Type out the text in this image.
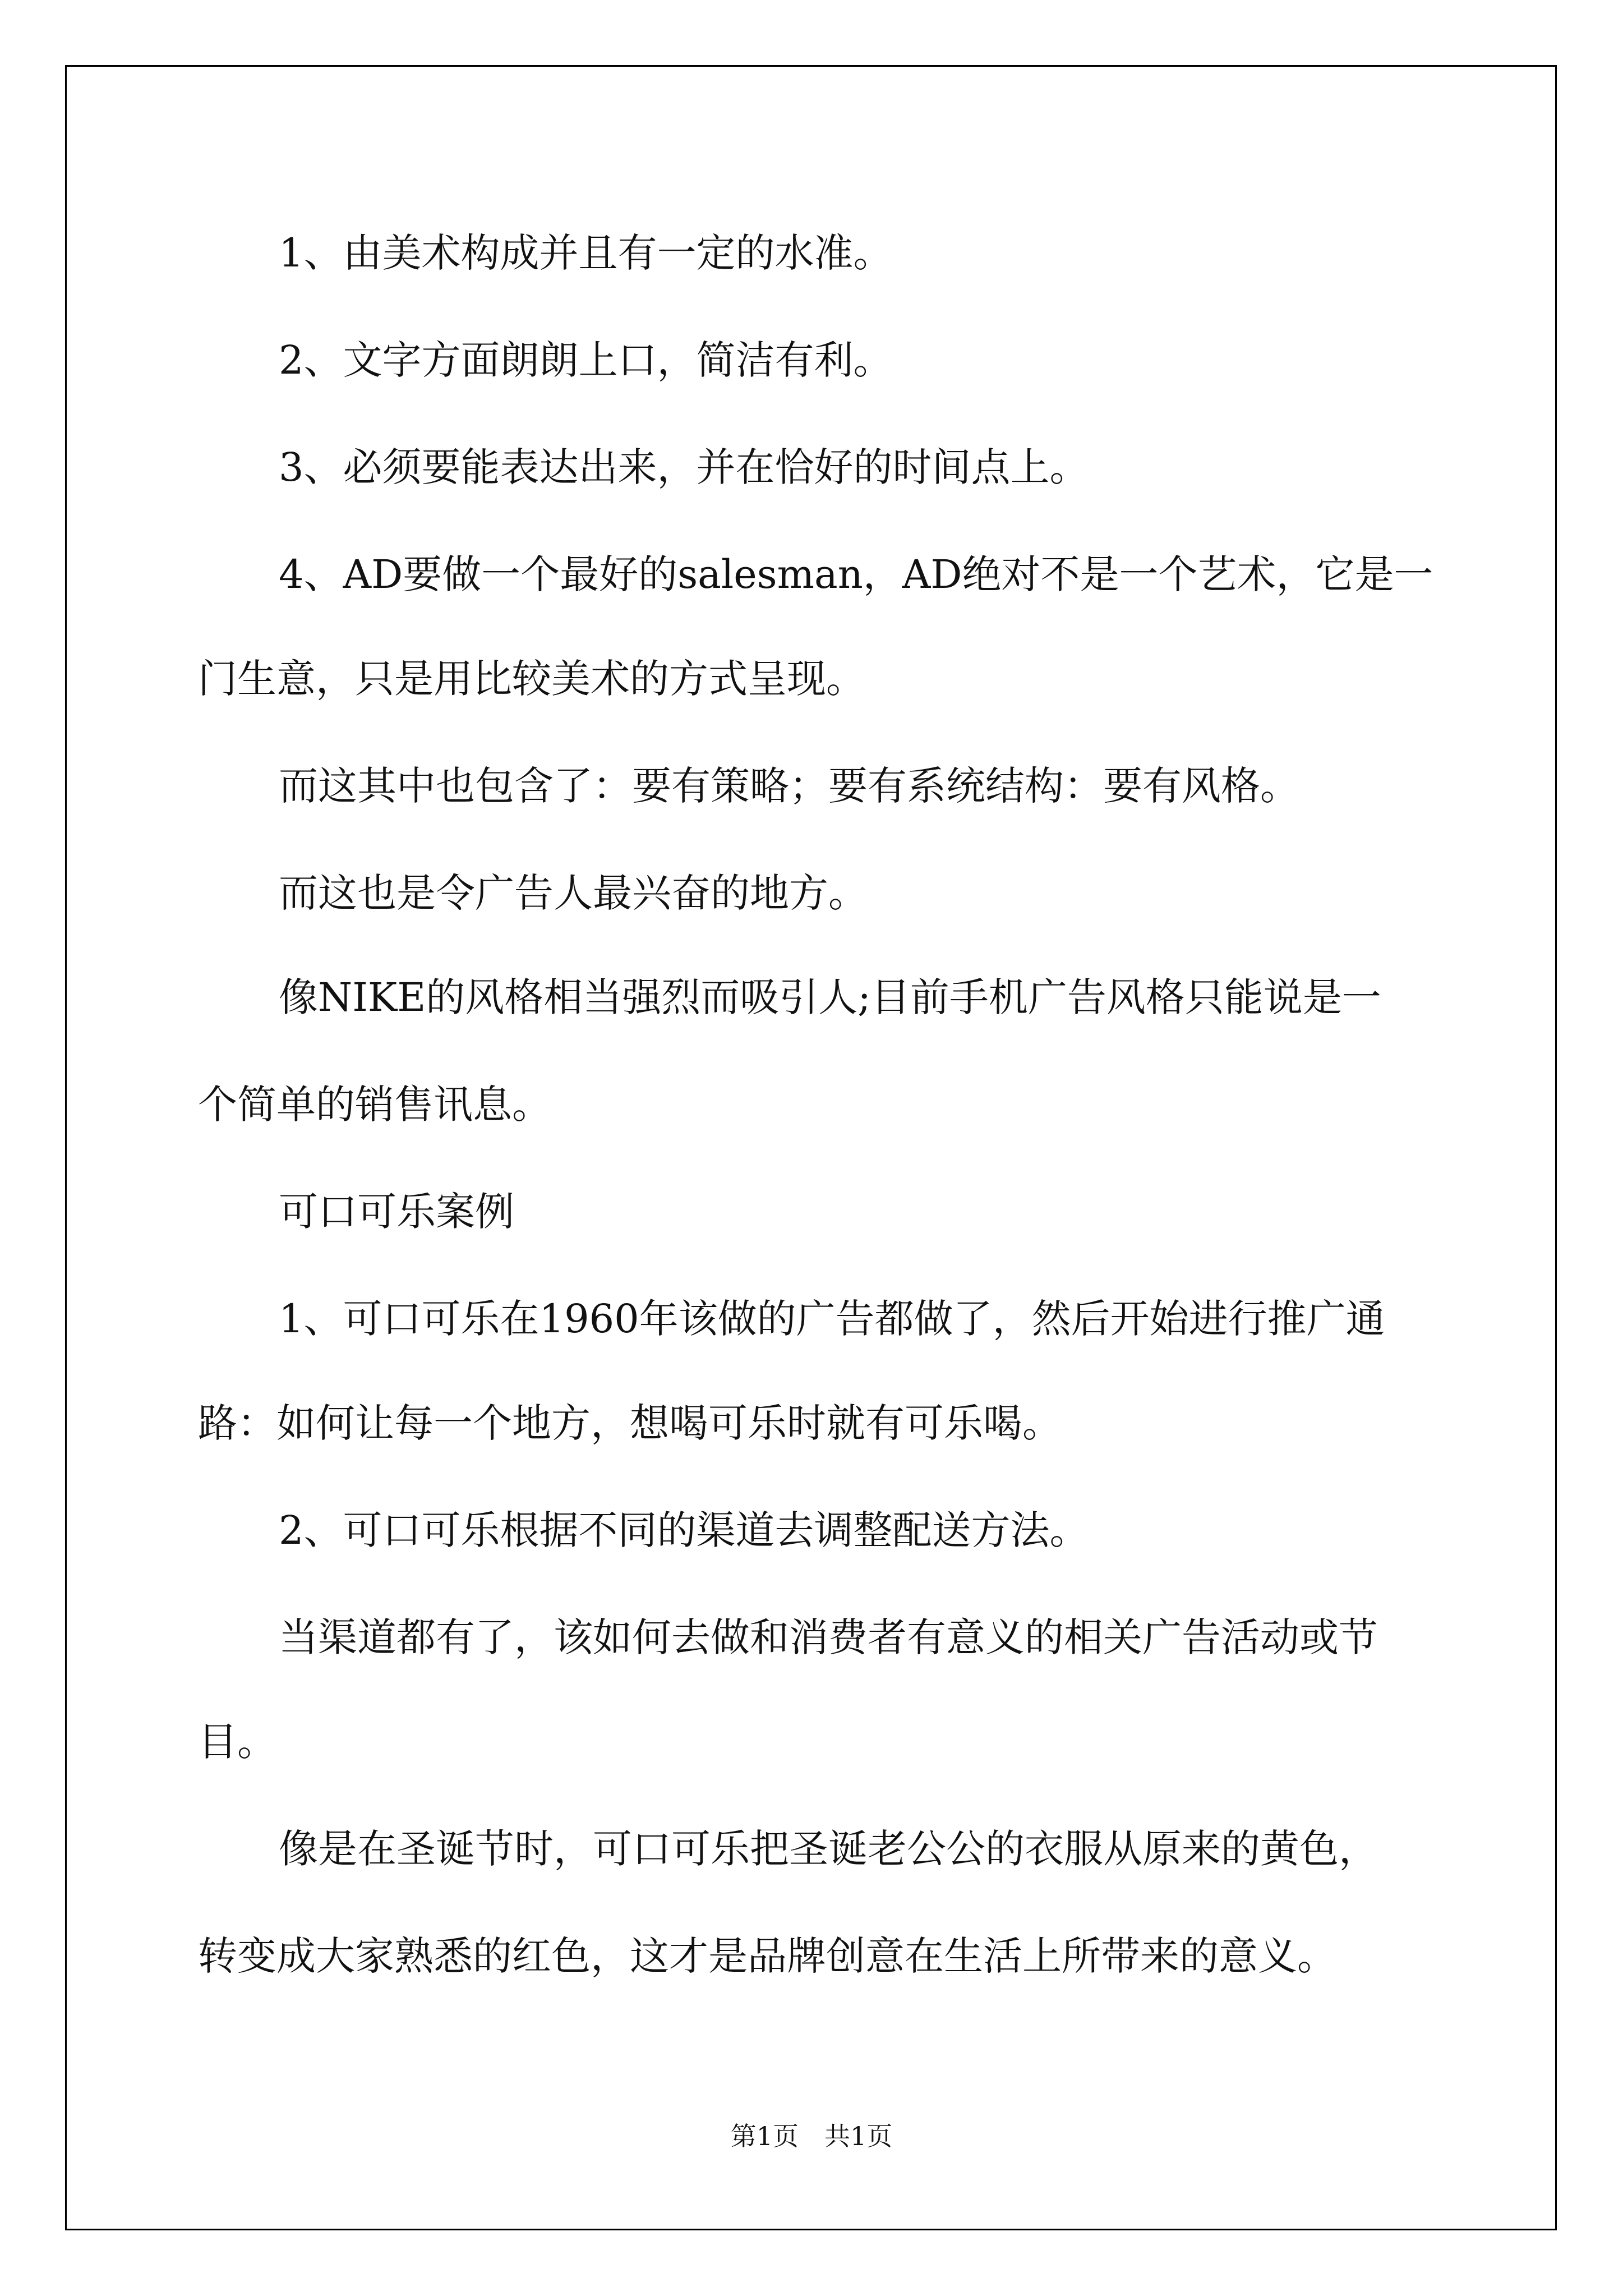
1、由美术构成并且有一定的水准。

2、文字方面朗朗上口，简洁有利。

3、必须要能表达出来，并在恰好的时间点上。

4、AD要做一个最好的salesman，AD绝对不是一个艺术，它是一

门生意，只是用比较美术的方式呈现。

而这其中也包含了：要有策略；要有系统结构：要有风格。

而这也是令广告人最兴奋的地方。

像NIKE的风格相当强烈而吸引人;目前手机广告风格只能说是一

个简单的销售讯息。

可口可乐案例

1、可口可乐在1960年该做的广告都做了，然后开始进行推广通

路：如何让每一个地方，想喝可乐时就有可乐喝。

2、可口可乐根据不同的渠道去调整配送方法。

当渠道都有了，该如何去做和消费者有意义的相关广告活动或节

目。

像是在圣诞节时，可口可乐把圣诞老公公的衣服从原来的黄色，

转变成大家熟悉的红色，这才是品牌创意在生活上所带来的意义。

第1页　共1页
